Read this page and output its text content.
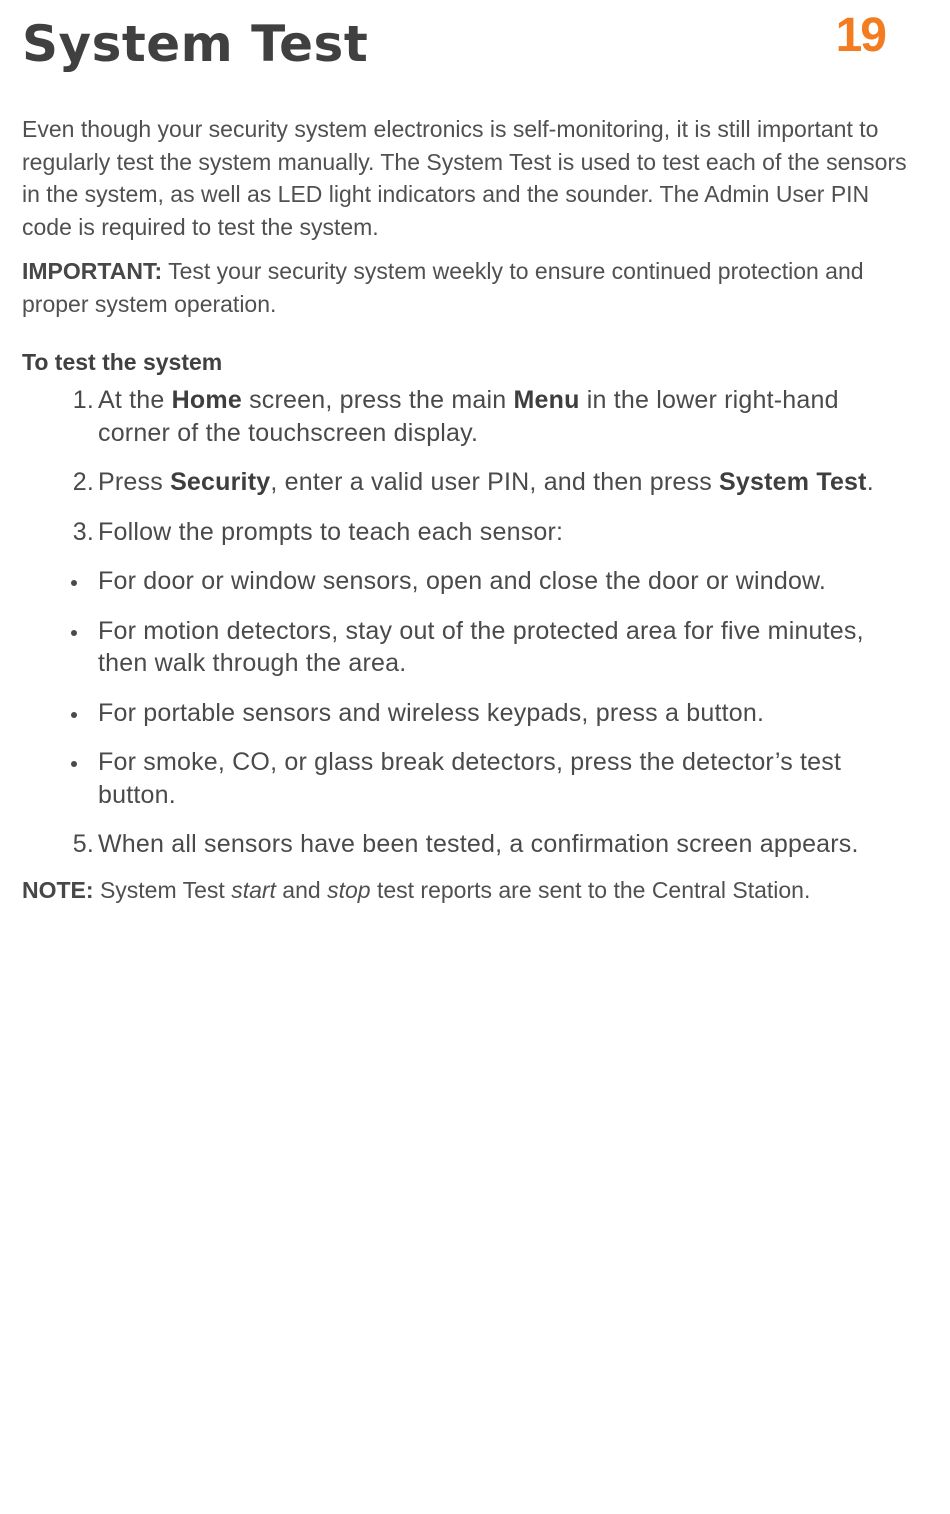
System Test	19

Even though your security system electronics is self-monitoring, it is still important to regularly test the system manually. The System Test is used to test each of the sensors in the system, as well as LED light indicators and the sounder. The Admin User PIN code is required to test the system.

IMPORTANT: Test your security system weekly to ensure continued protection and proper system operation.

To test the system
1. At the Home screen, press the main Menu in the lower right-hand corner of the touchscreen display.
2. Press Security, enter a valid user PIN, and then press System Test.
3. Follow the prompts to teach each sensor:
For door or window sensors, open and close the door or window.
For motion detectors, stay out of the protected area for five minutes, then walk through the area.
For portable sensors and wireless keypads, press a button.
For smoke, CO, or glass break detectors, press the detector’s test button.
5. When all sensors have been tested, a confirmation screen appears.

NOTE: System Test start and stop test reports are sent to the Central Station.
